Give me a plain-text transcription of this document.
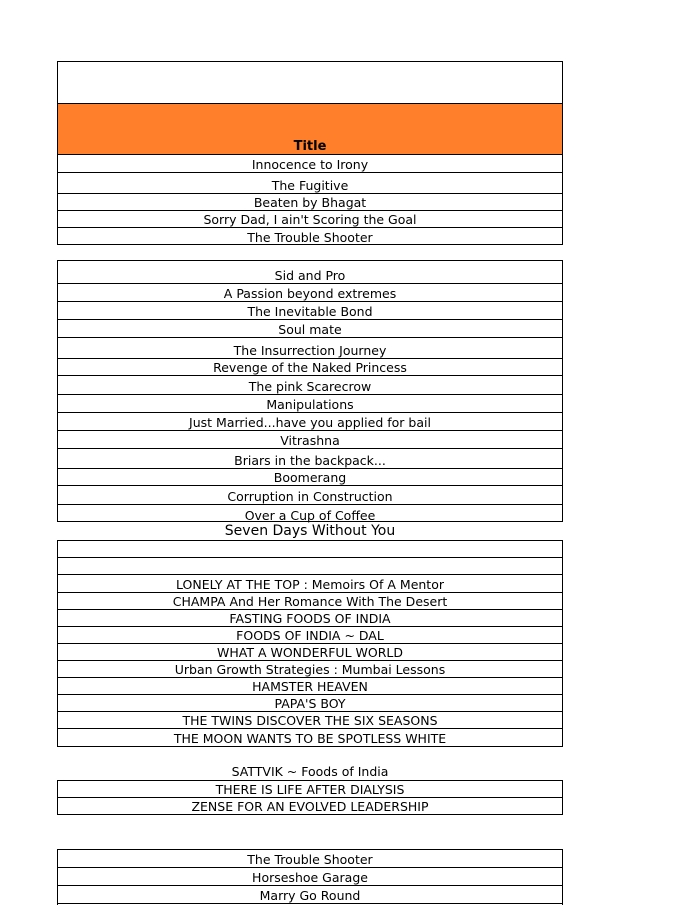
Title
Innocence to Irony
The Fugitive
Beaten by Bhagat
Sorry Dad, I ain't Scoring the Goal
The Trouble Shooter
Sid and Pro
A Passion beyond extremes
The Inevitable Bond
Soul mate
The Insurrection Journey
Revenge of the Naked Princess
The pink Scarecrow
Manipulations
Just Married...have you applied for bail
Vitrashna
Briars in the backpack...
Boomerang
Corruption in Construction
Over a Cup of Coffee
Seven Days Without You
LONELY AT THE TOP : Memoirs Of A Mentor
CHAMPA And Her Romance With The Desert
FASTING FOODS OF INDIA
FOODS OF INDIA ~ DAL
WHAT A WONDERFUL WORLD
Urban Growth Strategies : Mumbai Lessons
HAMSTER HEAVEN
PAPA'S BOY
THE TWINS DISCOVER THE SIX SEASONS
THE MOON WANTS TO BE SPOTLESS WHITE
SATTVIK ~ Foods of India
THERE IS LIFE AFTER DIALYSIS
ZENSE FOR AN EVOLVED LEADERSHIP
The Trouble Shooter
Horseshoe Garage
Marry Go Round
